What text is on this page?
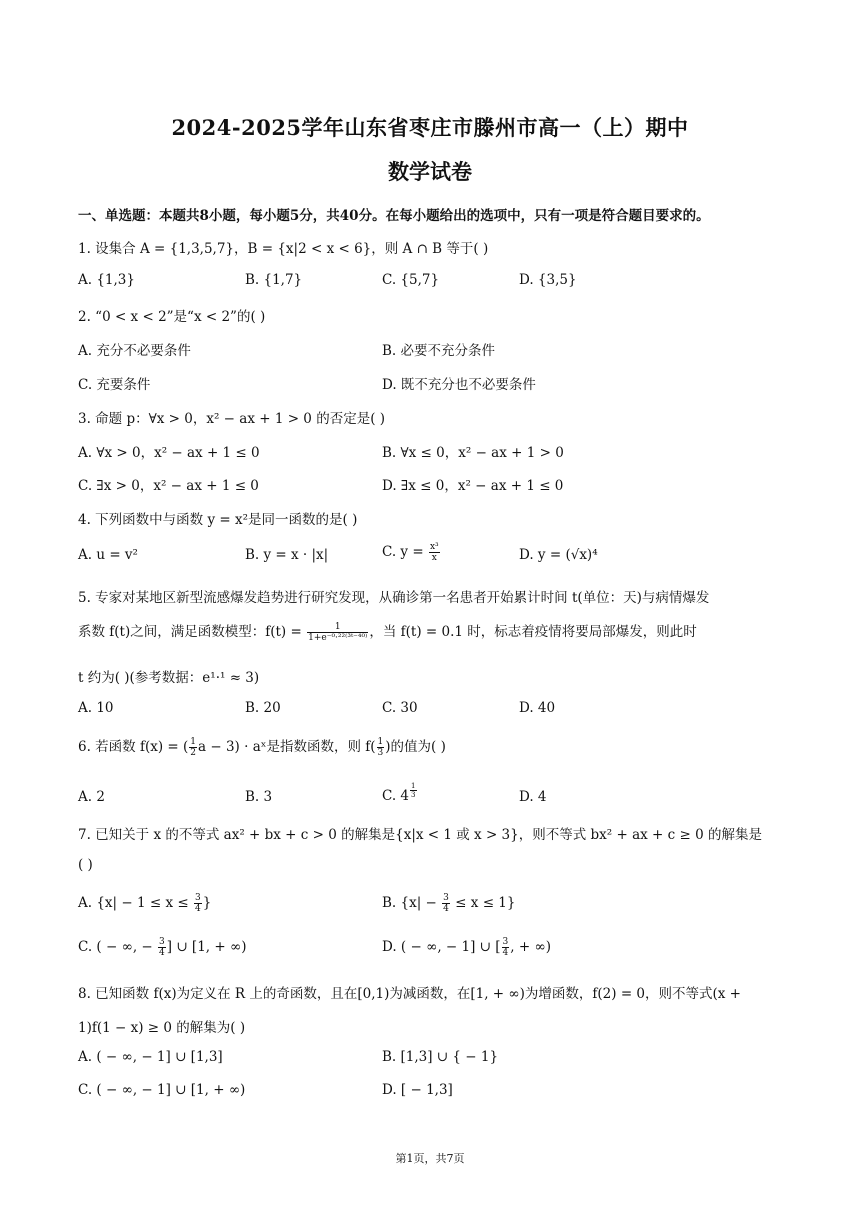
2024-2025学年山东省枣庄市滕州市高一（上）期中
数学试卷
一、单选题：本题共8小题，每小题5分，共40分。在每小题给出的选项中，只有一项是符合题目要求的。
1. 设集合 A = {1,3,5,7}，B = {x|2 < x < 6}，则 A ∩ B 等于( )
A. {1,3}	B. {1,7}	C. {5,7}	D. {3,5}
2. “0 < x < 2”是“x < 2”的( )
A. 充分不必要条件	B. 必要不充分条件
C. 充要条件	D. 既不充分也不必要条件
3. 命题 p：∀x > 0，x² − ax + 1 > 0 的否定是( )
A. ∀x > 0，x² − ax + 1 ≤ 0	B. ∀x ≤ 0，x² − ax + 1 > 0
C. ∃x > 0，x² − ax + 1 ≤ 0	D. ∃x ≤ 0，x² − ax + 1 ≤ 0
4. 下列函数中与函数 y = x²是同一函数的是( )
A. u = v²	B. y = x · |x|	C. $y = \frac{\text{x³}}{x}$	D. y = (√x)⁴
5. 专家对某地区新型流感爆发趋势进行研究发现，从确诊第一名患者开始累计时间 t(单位：天)与病情爆发
系数 f(t)之间，满足函数模型：$f(t) = \frac{1}{\text{1+e⁻⁰·²²⁽³ᵗ⁻⁴⁰⁾}}$ ，当 f(t) = 0.1 时，标志着疫情将要局部爆发，则此时
t 约为( )(参考数据：e¹·¹ ≈ 3)
A. 10	B. 20	C. 30	D. 40
6. 若函数 f(x) = ( $\frac{1}{2}$ a − 3) · aˣ是指数函数，则 $f( \frac{1}{3}$ )的值为( )
A. 2	B. 3	C. $4 \frac{1}{3}$	D. 4
7. 已知关于 x 的不等式 ax² + bx + c > 0 的解集是{x|x < 1 或 x > 3}，则不等式 bx² + ax + c ≥ 0 的解集是
( )
A. {$x| - 1 \le x \le \frac{3}{4}$ }	B. $\{x| - \frac{3}{4} \le x \le 1\}$
C. ( − ∞, − $\frac{3}{4}$ ] ∪ [1, + ∞)	D. ( − ∞, − 1] ∪ [ $\frac{3}{4}$ , + ∞)
8. 已知函数 f(x)为定义在 R 上的奇函数，且在[0,1)为减函数，在[1, + ∞)为增函数，f(2) = 0，则不等式(x +
1)f(1 − x) ≥ 0 的解集为( )
A. ( − ∞, − 1] ∪ [1,3]	B. [1,3] ∪ { − 1}
C. ( − ∞, − 1] ∪ [1, + ∞)	D. [ − 1,3]
第1页，共7页
